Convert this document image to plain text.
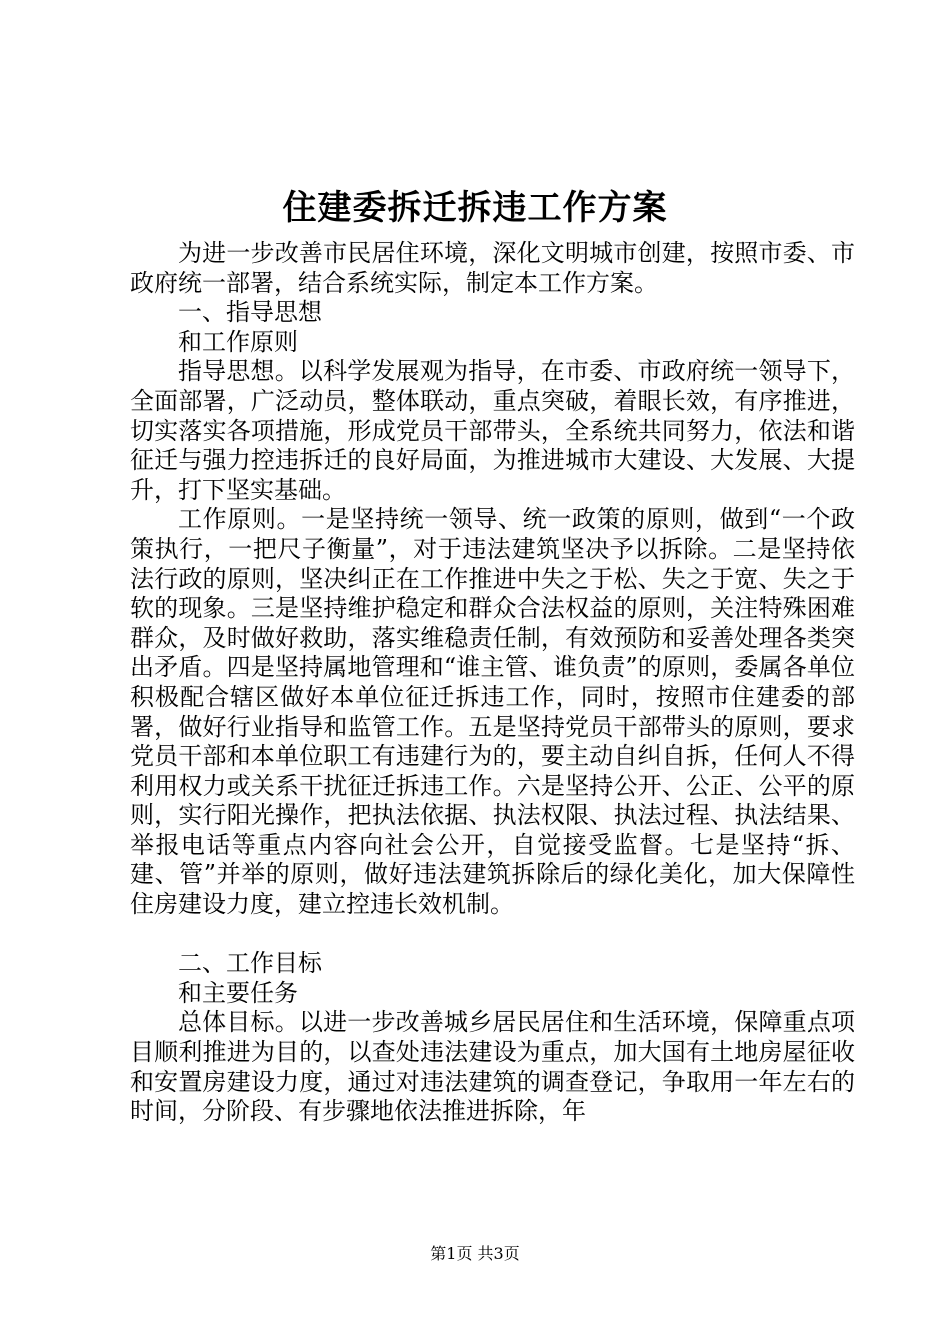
住建委拆迁拆违工作方案

为进一步改善市民居住环境，深化文明城市创建，按照市委、市政府统一部署，结合系统实际，制定本工作方案。

一、指导思想

和工作原则

指导思想。以科学发展观为指导，在市委、市政府统一领导下，全面部署，广泛动员，整体联动，重点突破，着眼长效，有序推进，切实落实各项措施，形成党员干部带头，全系统共同努力，依法和谐征迁与强力控违拆迁的良好局面，为推进城市大建设、大发展、大提升，打下坚实基础。

工作原则。一是坚持统一领导、统一政策的原则，做到“一个政策执行，一把尺子衡量”，对于违法建筑坚决予以拆除。二是坚持依法行政的原则，坚决纠正在工作推进中失之于松、失之于宽、失之于软的现象。三是坚持维护稳定和群众合法权益的原则，关注特殊困难群众，及时做好救助，落实维稳责任制，有效预防和妥善处理各类突出矛盾。四是坚持属地管理和“谁主管、谁负责”的原则，委属各单位积极配合辖区做好本单位征迁拆违工作，同时，按照市住建委的部署，做好行业指导和监管工作。五是坚持党员干部带头的原则，要求党员干部和本单位职工有违建行为的，要主动自纠自拆，任何人不得利用权力或关系干扰征迁拆违工作。六是坚持公开、公正、公平的原则，实行阳光操作，把执法依据、执法权限、执法过程、执法结果、举报电话等重点内容向社会公开，自觉接受监督。七是坚持“拆、建、管”并举的原则，做好违法建筑拆除后的绿化美化，加大保障性住房建设力度，建立控违长效机制。

二、工作目标

和主要任务

总体目标。以进一步改善城乡居民居住和生活环境，保障重点项目顺利推进为目的，以查处违法建设为重点，加大国有土地房屋征收和安置房建设力度，通过对违法建筑的调查登记，争取用一年左右的时间，分阶段、有步骤地依法推进拆除，年

第1页 共3页
